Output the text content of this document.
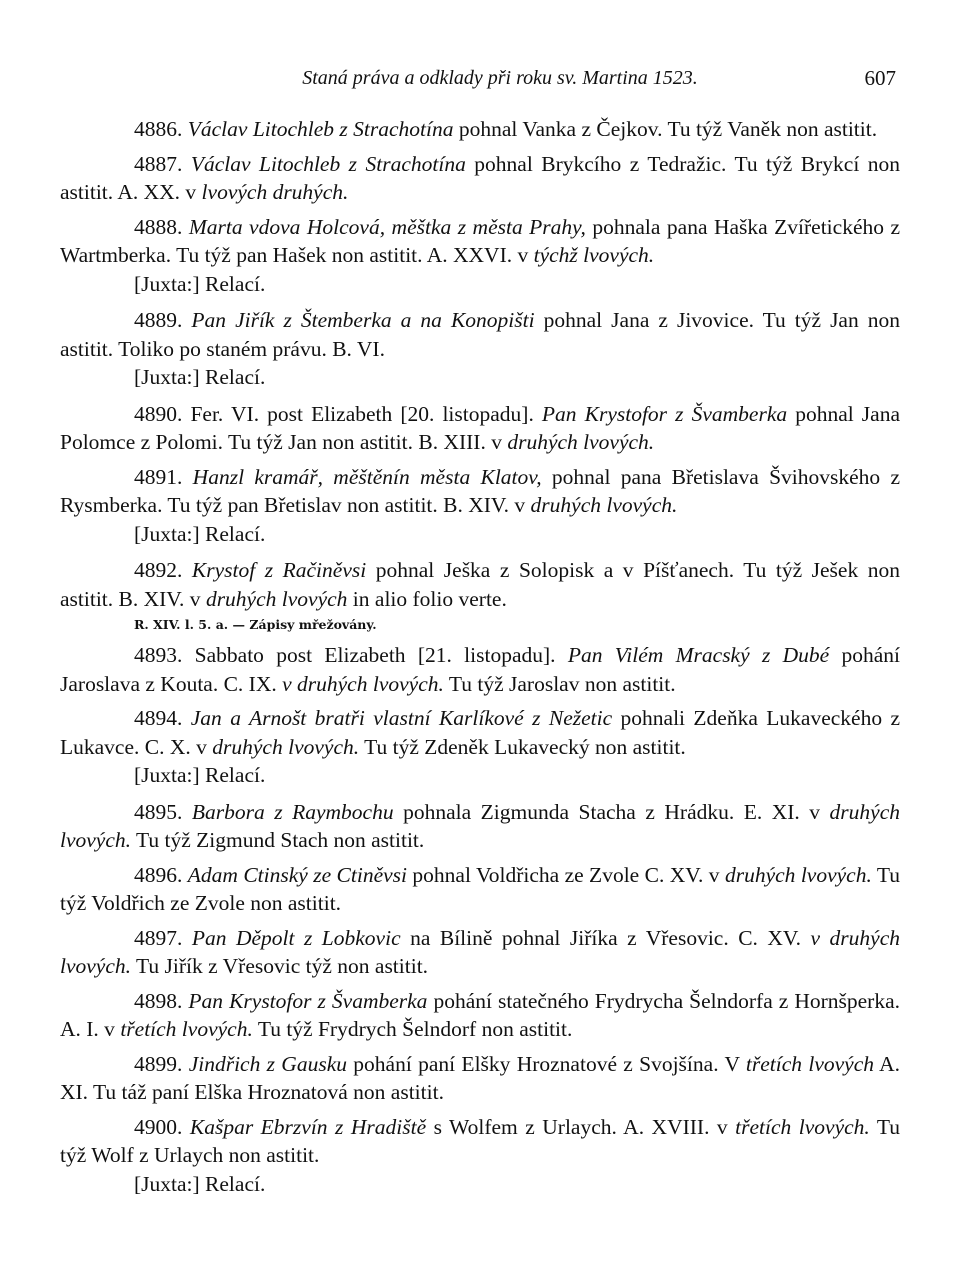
Staná práva a odklady při roku sv. Martina 1523.	607

4886. Václav Litochleb z Strachotína pohnal Vanka z Čejkov. Tu týž Vaněk non astitit.

4887. Václav Litochleb z Strachotína pohnal Brykcího z Tedražic. Tu týž Brykcí non astitit. A. XX. v lvových druhých.

4888. Marta vdova Holcová, měštka z města Prahy, pohnala pana Haška Zvířetického z Wartmberka. Tu týž pan Hašek non astitit. A. XXVI. v týchž lvových.

[Juxta:] Relací.

4889. Pan Jiřík z Štemberka a na Konopišti pohnal Jana z Jivovice. Tu týž Jan non astitit. Toliko po staném právu. B. VI.

[Juxta:] Relací.

4890. Fer. VI. post Elizabeth [20. listopadu]. Pan Krystofor z Švamberka pohnal Jana Polomce z Polomi. Tu týž Jan non astitit. B. XIII. v druhých lvových.

4891. Hanzl kramář, měštěnín města Klatov, pohnal pana Břetislava Švihovského z Rysmberka. Tu týž pan Břetislav non astitit. B. XIV. v druhých lvových.

[Juxta:] Relací.

4892. Krystof z Račiněvsi pohnal Ješka z Solopisk a v Píšťanech. Tu týž Ješek non astitit. B. XIV. v druhých lvových in alio folio verte.

R. XIV. l. 5. a. — Zápisy mřežovány.

4893. Sabbato post Elizabeth [21. listopadu]. Pan Vilém Mracský z Dubé pohání Jaroslava z Kouta. C. IX. v druhých lvových. Tu týž Jaroslav non astitit.

4894. Jan a Arnošt bratři vlastní Karlíkové z Nežetic pohnali Zdeňka Lukaveckého z Lukavce. C. X. v druhých lvových. Tu týž Zdeněk Lukavecký non astitit.

[Juxta:] Relací.

4895. Barbora z Raymbochu pohnala Zigmunda Stacha z Hrádku. E. XI. v druhých lvových. Tu týž Zigmund Stach non astitit.

4896. Adam Ctinský ze Ctiněvsi pohnal Voldřicha ze Zvole C. XV. v druhých lvových. Tu týž Voldřich ze Zvole non astitit.

4897. Pan Děpolt z Lobkovic na Bílině pohnal Jiříka z Vřesovic. C. XV. v druhých lvových. Tu Jiřík z Vřesovic týž non astitit.

4898. Pan Krystofor z Švamberka pohání statečného Frydrycha Šelndorfa z Hornšperka. A. I. v třetích lvových. Tu týž Frydrych Šelndorf non astitit.

4899. Jindřich z Gausku pohání paní Elšky Hroznatové z Svojšína. V třetích lvových A. XI. Tu táž paní Elška Hroznatová non astitit.

4900. Kašpar Ebrzvín z Hradiště s Wolfem z Urlaych. A. XVIII. v třetích lvových. Tu týž Wolf z Urlaych non astitit.

[Juxta:] Relací.
